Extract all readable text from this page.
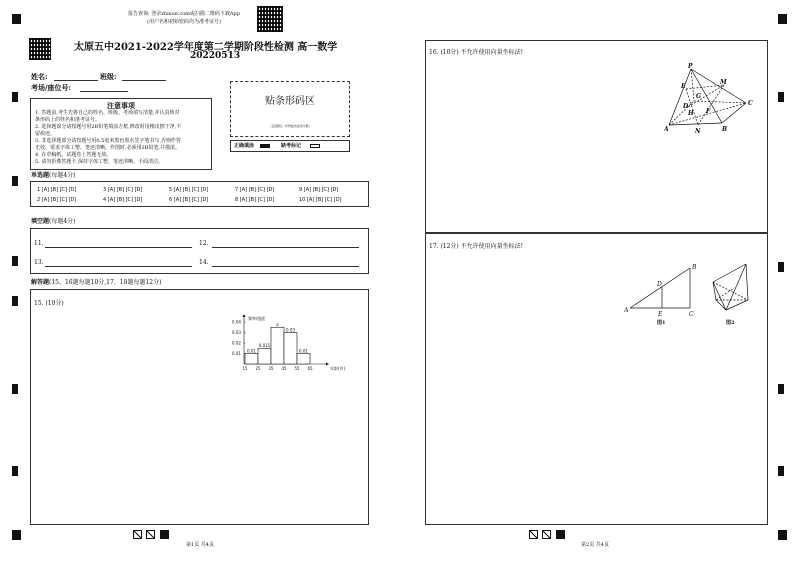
报告查询: 登录zhixue.com或扫描二维码下载App
(用户名和初始密码均为准考证号)
太原五中2021-2022学年度第二学期阶段性检测 高一数学
20220513
姓名:	班级:
考场/座位号:
注意事项
1. 答题前,考生先将自己的姓名、班级、考场填写清楚,并认真核对
条形码上的姓名和准考证号。
2. 选择题部分请按题号用2B铅笔填涂方框,修改时用橡皮擦干净,不
留痕迹。
3. 非选择题部分请按题号用0.5毫米黑色墨水签字笔书写,否则作答
无效。要求字体工整、笔迹清晰。作图时,必须用2B铅笔,并描浓。
4. 在草稿纸、试题卷上答题无效。
5. 请勿折叠答题卡,保持字体工整、笔迹清晰、卡面清洁。
贴条形码区
(正面朝上,切勿贴出虚线方框)
正确填涂	缺考标记
单选题(每题4分)
1 [A] [B] [C] [D]	3 [A] [B] [C] [D]	5 [A] [B] [C] [D]	7 [A] [B] [C] [D]	9 [A] [B] [C] [D]
2 [A] [B] [C] [D]	4 [A] [B] [C] [D]	6 [A] [B] [C] [D]	8 [A] [B] [C] [D]	10 [A] [B] [C] [D]
填空题(每题4分)
11.	12.
13.	14.
解答题(15、16题每题10分,17、18题每题12分)
15. (10分)
频率/组距
0.04
0.03
0.02
0.01
0.01
0.015
a
0.03
0.01
15 25 35 45 55 65	年龄(岁)
第1页 共4页
16. (10分) 不允许使用向量坐标法!
17. (12分) 不允许使用向量坐标法!
P
M
E
G
D
H
C
A	N	B
F
B
D
A
E	C
图1	图2
第2页 共4页
